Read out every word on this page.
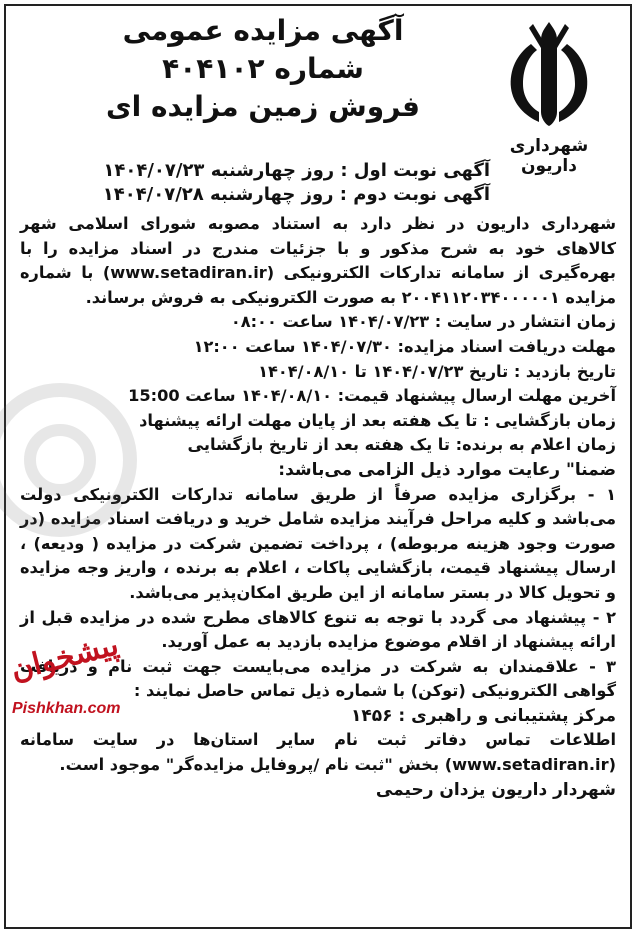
شهرداری داریون
آگهی مزایده عمومی
شماره ۴۰۴۱۰۲
فروش زمین مزایده ای
آگهی نوبت اول : روز چهارشنبه ۱۴۰۴/۰۷/۲۳
آگهی نوبت دوم : روز چهارشنبه ۱۴۰۴/۰۷/۲۸

شهرداری داریون در نظر دارد به استناد مصوبه شورای اسلامی شهر کالاهای خود به شرح مذکور و با جزئیات مندرج در اسناد مزایده را با بهره‌گیری از سامانه تدارکات الکترونیکی (www.setadiran.ir) با شماره مزایده ۲۰۰۴۱۱۲۰۳۴۰۰۰۰۰۱ به صورت الکترونیکی به فروش برساند.

زمان انتشار در سایت : ۱۴۰۴/۰۷/۲۳ ساعت ۰۸:۰۰

مهلت دریافت اسناد مزایده: ۱۴۰۴/۰۷/۳۰ ساعت ۱۲:۰۰

تاریخ بازدید : تاریخ ۱۴۰۴/۰۷/۲۳ تا ۱۴۰۴/۰۸/۱۰

آخرین مهلت ارسال پیشنهاد قیمت: ۱۴۰۴/۰۸/۱۰ ساعت 15:00

زمان بازگشایی : تا یک هفته بعد از پایان مهلت ارائه پیشنهاد

زمان اعلام به برنده: تا یک هفته بعد از تاریخ بازگشایی

ضمنا" رعایت موارد ذیل الزامی می‌باشد:

۱ - برگزاری مزایده صرفاً از طریق سامانه تدارکات الکترونیکی دولت می‌باشد و کلیه مراحل فرآیند مزایده شامل خرید و دریافت اسناد مزایده (در صورت وجود هزینه مربوطه) ، پرداخت تضمین شرکت در مزایده ( ودیعه) ، ارسال پیشنهاد قیمت، بازگشایی پاکات ، اعلام به برنده ، واریز وجه مزایده و تحویل کالا در بستر سامانه از این طریق امکان‌پذیر می‌باشد.

۲ - پیشنهاد می گردد با توجه به تنوع کالاهای مطرح شده در مزایده قبل از ارائه پیشنهاد از اقلام موضوع مزایده بازدید به عمل آورید.

۳ - علاقمندان به شرکت در مزایده می‌بایست جهت ثبت نام و دریافت گواهی الکترونیکی (توکن) با شماره ذیل تماس حاصل نمایند :

مرکز پشتیبانی و راهبری : ۱۴۵۶

اطلاعات تماس دفاتر ثبت نام سایر استان‌ها در سایت سامانه (www.setadiran.ir) بخش "ثبت نام /پروفایل مزایده‌گر" موجود است.

شهردار داریون یزدان رحیمی

پیشخوان
Pishkhan.com
